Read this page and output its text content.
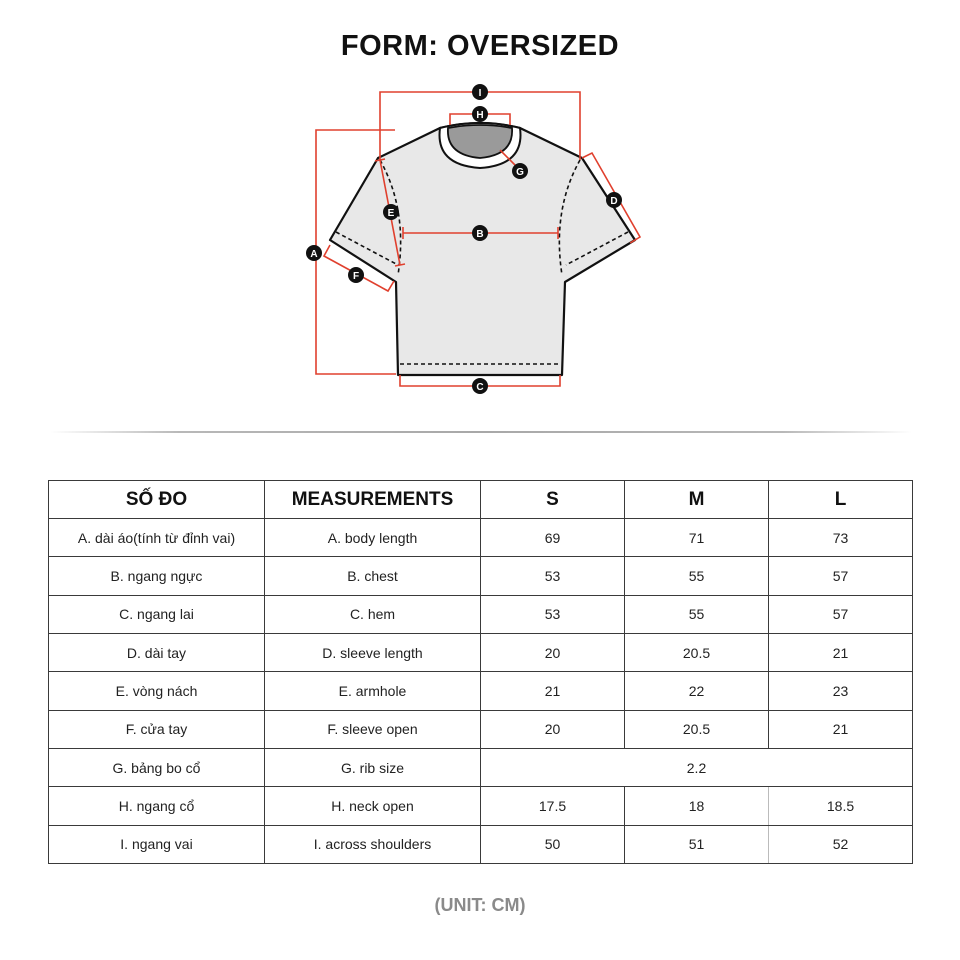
FORM: OVERSIZED
I
H
G
D
E
B
A
F
C
SỐ ĐO	MEASUREMENTS	S	M	L
A. dài áo(tính từ đỉnh vai)	A. body length	69	71	73
B. ngang ngực	B. chest	53	55	57
C. ngang lai	C. hem	53	55	57
D. dài tay	D. sleeve length	20	20.5	21
E. vòng nách	E. armhole	21	22	23
F. cửa tay	F. sleeve open	20	20.5	21
G. bảng bo cổ	G. rib size	2.2		
H. ngang cổ	H. neck open	17.5	18	18.5
I. ngang vai	I. across shoulders	50	51	52
(UNIT: CM)
